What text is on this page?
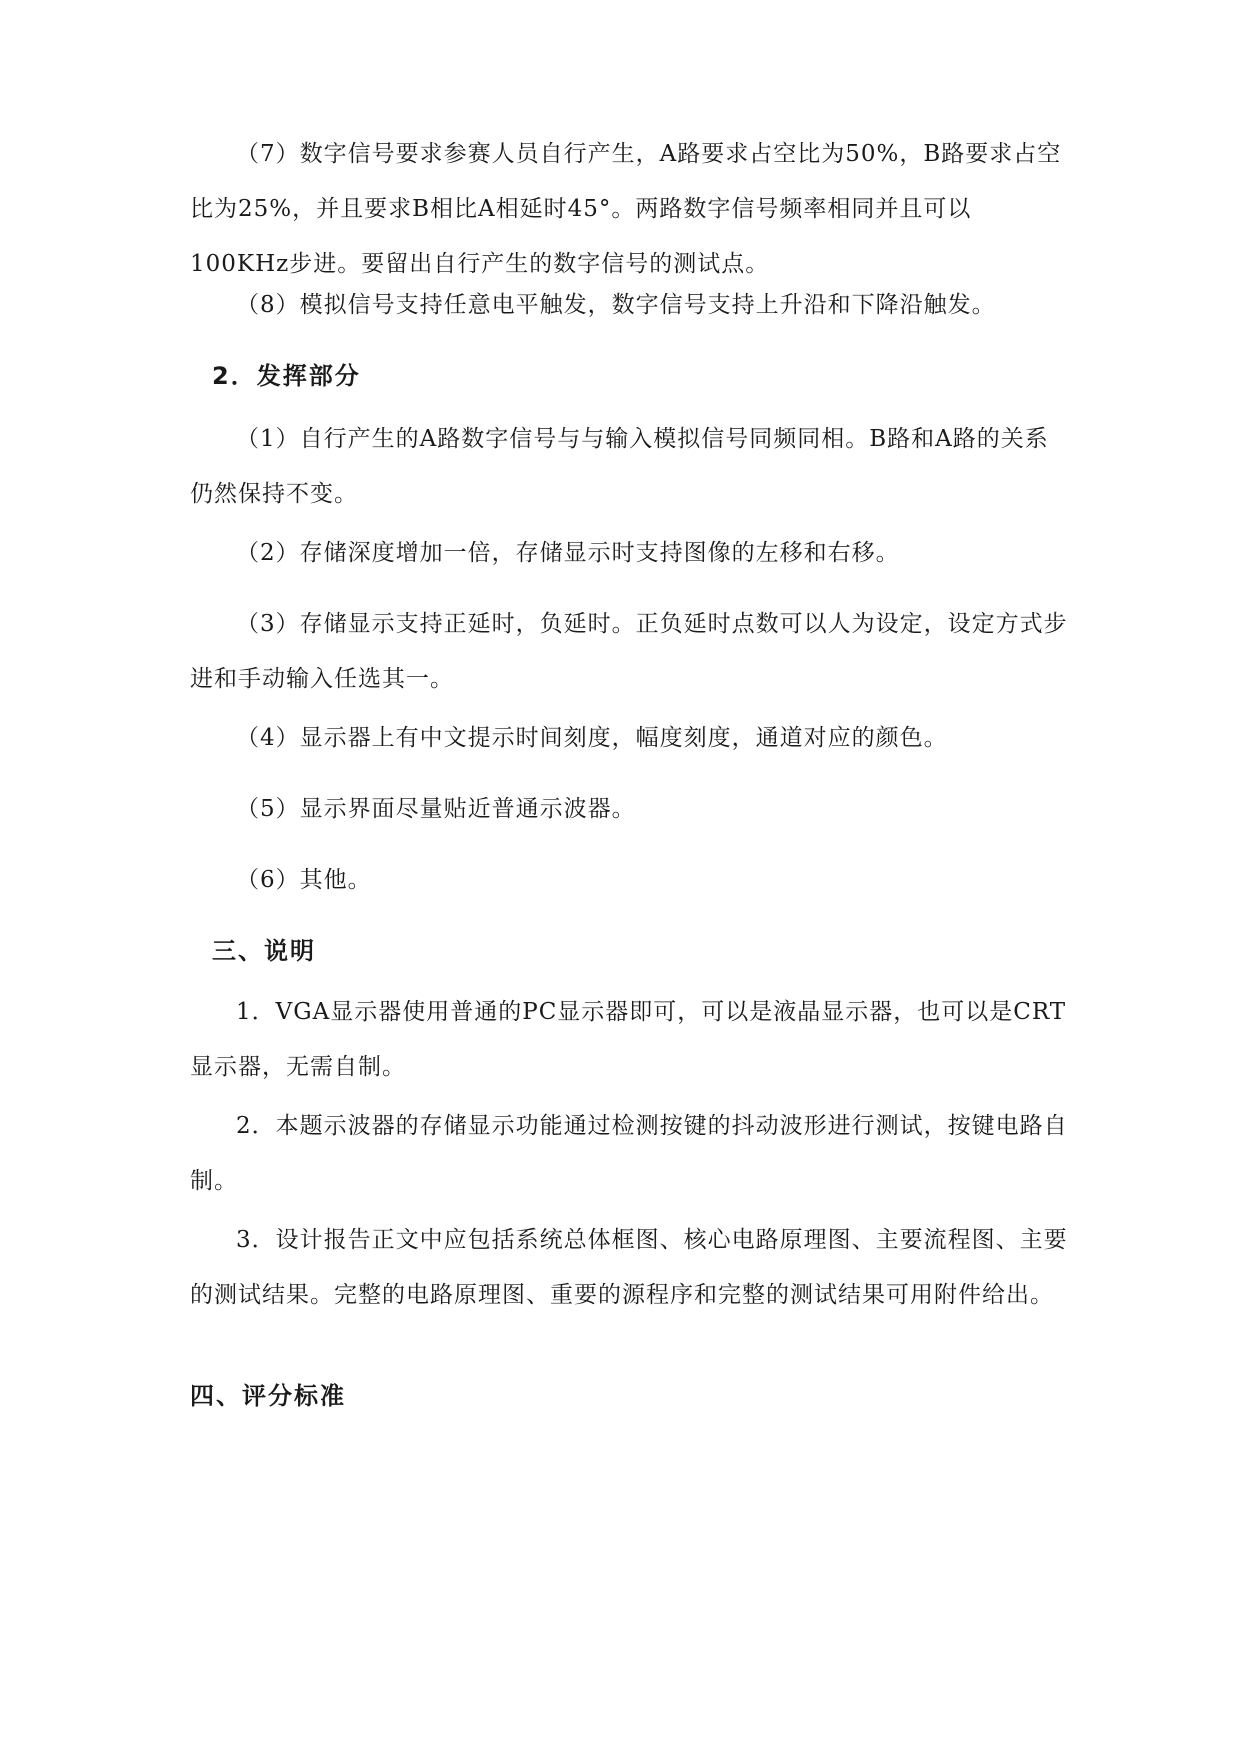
（7）数字信号要求参赛人员自行产生，A路要求占空比为50%，B路要求占空比为25%，并且要求B相比A相延时45°。两路数字信号频率相同并且可以100KHz步进。要留出自行产生的数字信号的测试点。

（8）模拟信号支持任意电平触发，数字信号支持上升沿和下降沿触发。

2．发挥部分

（1）自行产生的A路数字信号与与输入模拟信号同频同相。B路和A路的关系仍然保持不变。

（2）存储深度增加一倍，存储显示时支持图像的左移和右移。

（3）存储显示支持正延时，负延时。正负延时点数可以人为设定，设定方式步进和手动输入任选其一。

（4）显示器上有中文提示时间刻度，幅度刻度，通道对应的颜色。

（5）显示界面尽量贴近普通示波器。

（6）其他。

三、说明

1．VGA显示器使用普通的PC显示器即可，可以是液晶显示器，也可以是CRT显示器，无需自制。

2．本题示波器的存储显示功能通过检测按键的抖动波形进行测试，按键电路自制。

3．设计报告正文中应包括系统总体框图、核心电路原理图、主要流程图、主要的测试结果。完整的电路原理图、重要的源程序和完整的测试结果可用附件给出。

四、评分标准
